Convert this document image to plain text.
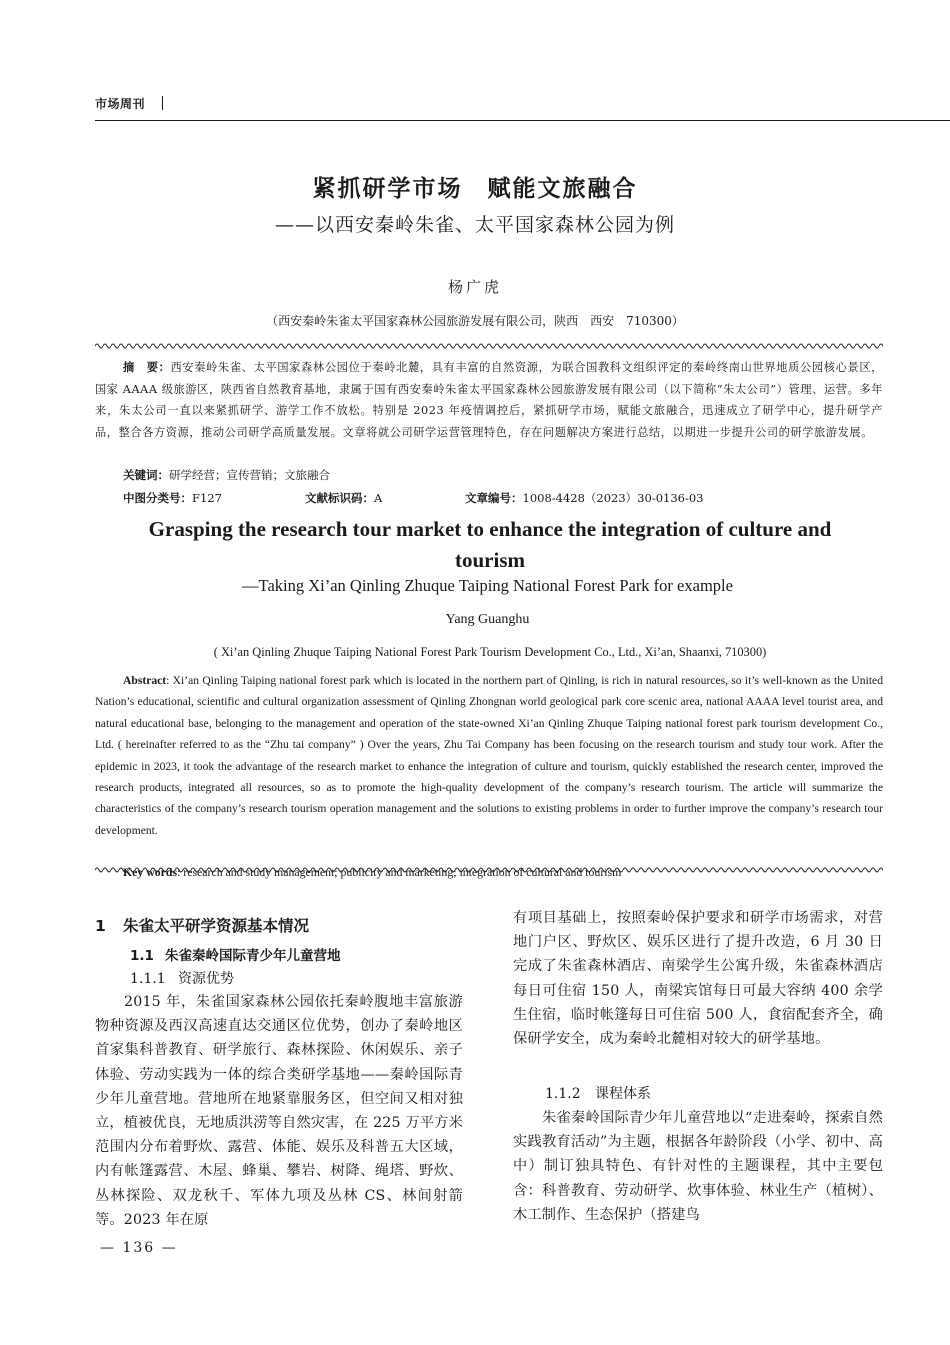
市场周刊
紧抓研学市场　赋能文旅融合
——以西安秦岭朱雀、太平国家森林公园为例
杨广虎
（西安秦岭朱雀太平国家森林公园旅游发展有限公司，陕西　西安　710300）
摘　要：西安秦岭朱雀、太平国家森林公园位于秦岭北麓，具有丰富的自然资源，为联合国教科文组织评定的秦岭终南山世界地质公园核心景区，国家 AAAA 级旅游区，陕西省自然教育基地，隶属于国有西安秦岭朱雀太平国家森林公园旅游发展有限公司（以下简称“朱太公司”）管理、运营。多年来，朱太公司一直以来紧抓研学、游学工作不放松。特别是 2023 年疫情调控后，紧抓研学市场，赋能文旅融合，迅速成立了研学中心，提升研学产品，整合各方资源，推动公司研学高质量发展。文章将就公司研学运营管理特色，存在问题解决方案进行总结，以期进一步提升公司的研学旅游发展。
关键词：研学经营；宣传营销；文旅融合
中图分类号：F127	文献标识码：A	文章编号：1008-4428（2023）30-0136-03
Grasping the research tour market to enhance the integration of culture and tourism
—Taking Xi’an Qinling Zhuque Taiping National Forest Park for example
Yang Guanghu
( Xi’an Qinling Zhuque Taiping National Forest Park Tourism Development Co., Ltd., Xi’an, Shaanxi, 710300)
Abstract: Xi’an Qinling Taiping national forest park which is located in the northern part of Qinling, is rich in natural resources, so it’s well-known as the United Nation’s educational, scientific and cultural organization assessment of Qinling Zhongnan world geological park core scenic area, national AAAA level tourist area, and natural educational base, belonging to the management and operation of the state-owned Xi’an Qinling Zhuque Taiping national forest park tourism development Co., Ltd. ( hereinafter referred to as the “Zhu tai company” ) Over the years, Zhu Tai Company has been focusing on the research tourism and study tour work. After the epidemic in 2023, it took the advantage of the research market to enhance the integration of culture and tourism, quickly established the research center, improved the research products, integrated all resources, so as to promote the high-quality development of the company’s research tourism. The article will summarize the characteristics of the company’s research tourism operation management and the solutions to existing problems in order to further improve the company’s research tour development.
1 朱雀太平研学资源基本情况
1.1 朱雀秦岭国际青少年儿童营地
1.1.1 资源优势
2015 年，朱雀国家森林公园依托秦岭腹地丰富旅游物种资源及西汉高速直达交通区位优势，创办了秦岭地区首家集科普教育、研学旅行、森林探险、休闲娱乐、亲子体验、劳动实践为一体的综合类研学基地——秦岭国际青少年儿童营地。营地所在地紧靠服务区，但空间又相对独立，植被优良，无地质洪涝等自然灾害，在 225 万平方米范围内分布着野炊、露营、体能、娱乐及科普五大区域，内有帐篷露营、木屋、蜂巢、攀岩、树降、绳塔、野炊、丛林探险、双龙秋千、军体九项及丛林 CS、林间射箭等。2023 年在原
有项目基础上，按照秦岭保护要求和研学市场需求，对营地门户区、野炊区、娱乐区进行了提升改造，6 月 30 日完成了朱雀森林酒店、南梁学生公寓升级，朱雀森林酒店每日可住宿 150 人，南梁宾馆每日可最大容纳 400 余学生住宿，临时帐篷每日可住宿 500 人，食宿配套齐全，确保研学安全，成为秦岭北麓相对较大的研学基地。
1.1.2 课程体系
朱雀秦岭国际青少年儿童营地以“走进秦岭，探索自然实践教育活动”为主题，根据各年龄阶段（小学、初中、高中）制订独具特色、有针对性的主题课程，其中主要包含：科普教育、劳动研学、炊事体验、林业生产（植树）、木工制作、生态保护（搭建鸟
— 136 —
